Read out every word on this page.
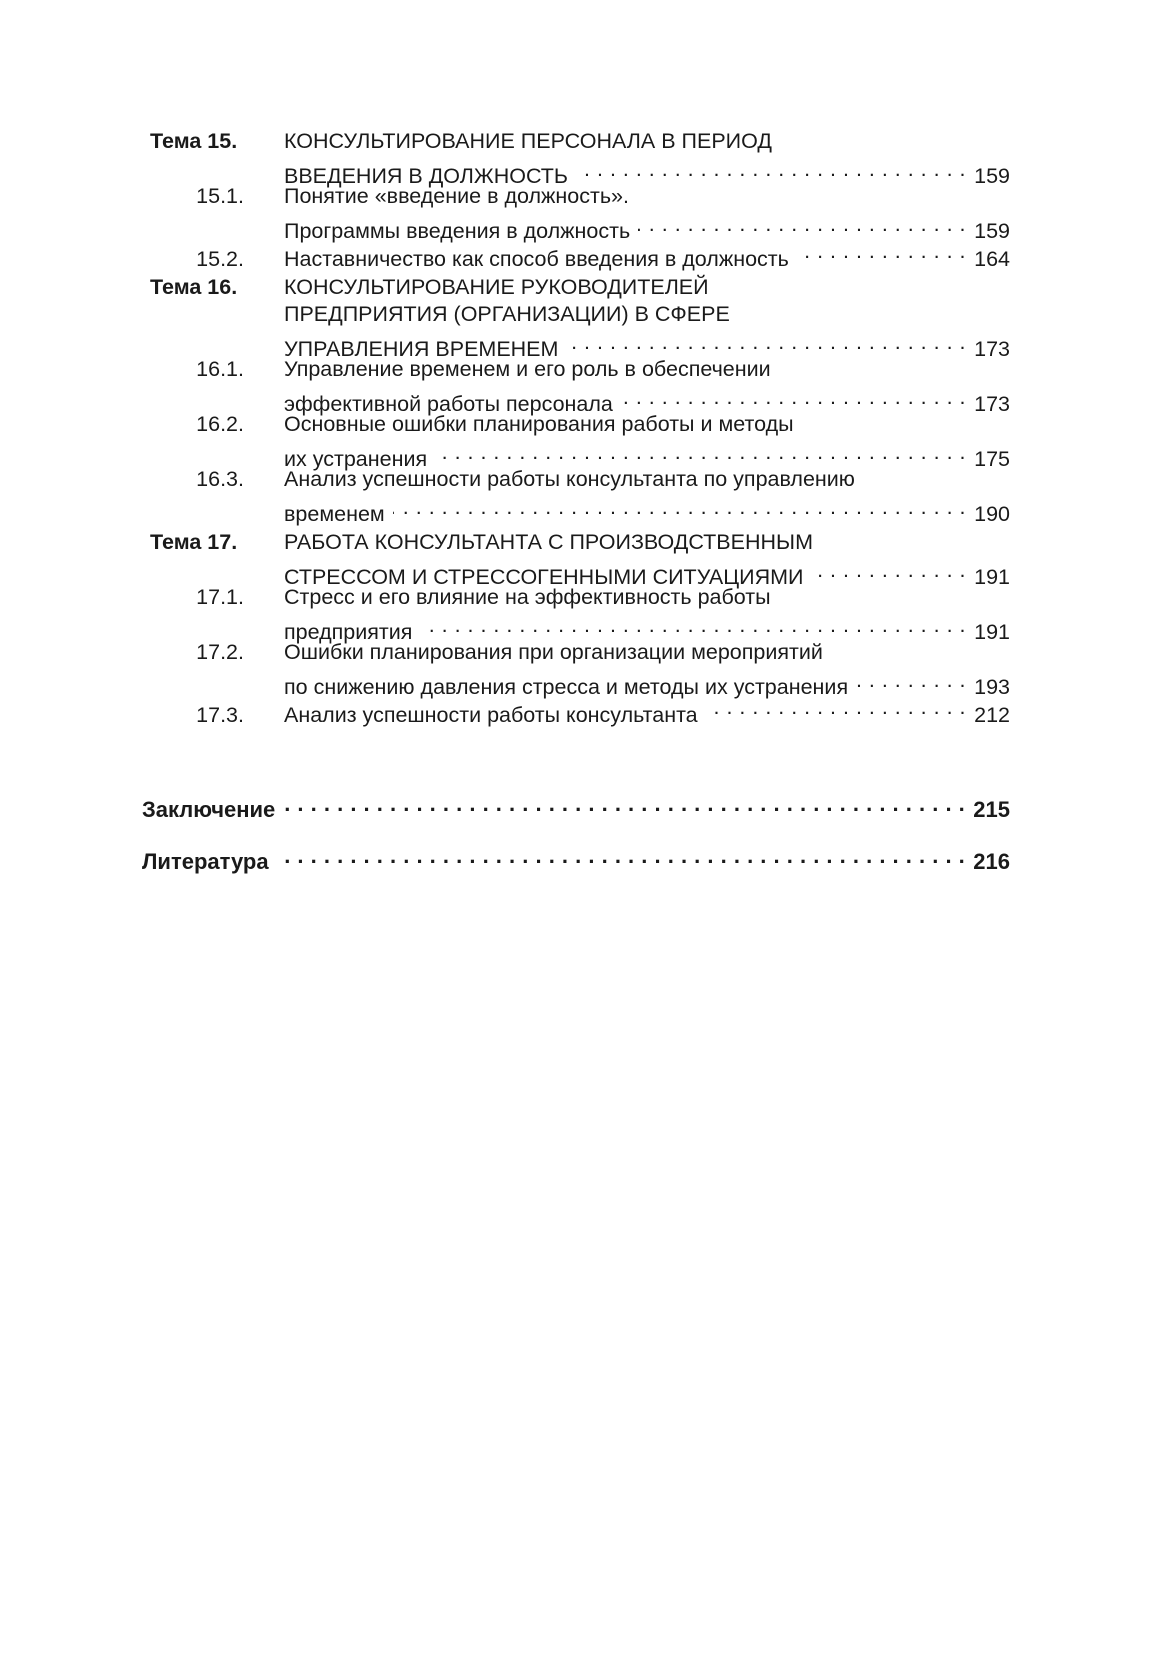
Тема 15.	КОНСУЛЬТИРОВАНИЕ ПЕРСОНАЛА В ПЕРИОД
ВВЕДЕНИЯ В ДОЛЖНОСТЬ . . .	159
15.1.	Понятие «введение в должность».
Программы введения в должность . . .	159
15.2.	Наставничество как способ введения в должность . . .	164
Тема 16.	КОНСУЛЬТИРОВАНИЕ РУКОВОДИТЕЛЕЙ
ПРЕДПРИЯТИЯ (ОРГАНИЗАЦИИ) В СФЕРЕ
УПРАВЛЕНИЯ ВРЕМЕНЕМ . . .	173
16.1.	Управление временем и его роль в обеспечении
эффективной работы персонала . . .	173
16.2.	Основные ошибки планирования работы и методы
их устранения . . .	175
16.3.	Анализ успешности работы консультанта по управлению
временем . . .	190
Тема 17.	РАБОТА КОНСУЛЬТАНТА С ПРОИЗВОДСТВЕННЫМ
СТРЕССОМ И СТРЕССОГЕННЫМИ СИТУАЦИЯМИ . . .	191
17.1.	Стресс и его влияние на эффективность работы
предприятия . . .	191
17.2.	Ошибки планирования при организации мероприятий
по снижению давления стресса и методы их устранения . . .	193
17.3.	Анализ успешности работы консультанта . . .	212
Заключение . . .	215
Литература . . .	216
